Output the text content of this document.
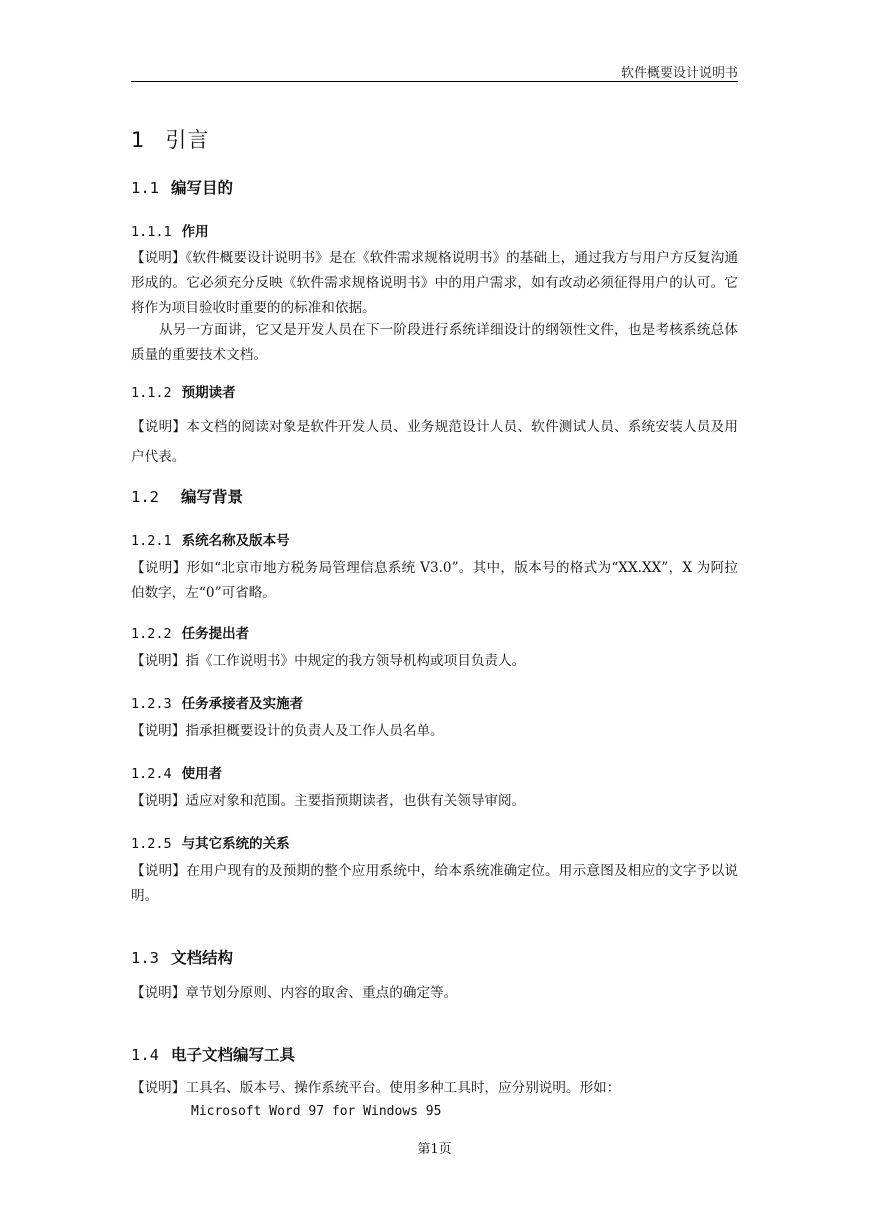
软件概要设计说明书
1 引言
1.1 编写目的
1.1.1 作用

【说明】《软件概要设计说明书》是在《软件需求规格说明书》的基础上，通过我方与用户方反复沟通形成的。它必须充分反映《软件需求规格说明书》中的用户需求，如有改动必须征得用户的认可。它将作为项目验收时重要的的标准和依据。

从另一方面讲，它又是开发人员在下一阶段进行系统详细设计的纲领性文件，也是考核系统总体质量的重要技术文档。

1.1.2 预期读者

【说明】本文档的阅读对象是软件开发人员、业务规范设计人员、软件测试人员、系统安装人员及用户代表。

1.2 编写背景
1.2.1 系统名称及版本号

【说明】形如“北京市地方税务局管理信息系统 V3.0”。其中，版本号的格式为“XX.XX”，X 为阿拉伯数字，左“0”可省略。

1.2.2 任务提出者

【说明】指《工作说明书》中规定的我方领导机构或项目负责人。

1.2.3 任务承接者及实施者

【说明】指承担概要设计的负责人及工作人员名单。

1.2.4 使用者

【说明】适应对象和范围。主要指预期读者，也供有关领导审阅。

1.2.5 与其它系统的关系

【说明】在用户现有的及预期的整个应用系统中，给本系统准确定位。用示意图及相应的文字予以说明。

1.3 文档结构

【说明】章节划分原则、内容的取舍、重点的确定等。

1.4 电子文档编写工具

【说明】工具名、版本号、操作系统平台。使用多种工具时，应分别说明。形如：

Microsoft Word 97 for Windows 95
第1页
